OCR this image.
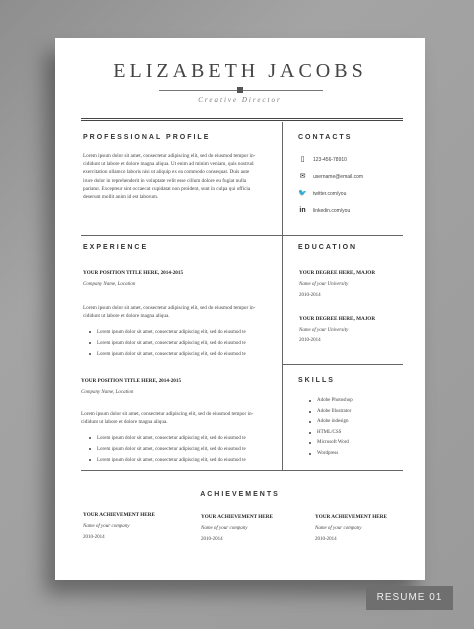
ELIZABETH JACOBS
Creative Director
PROFESSIONAL PROFILE
Lorem ipsum dolor sit amet, consectetur adipiscing elit, sed do eiusmod tempor in-
cididunt ut labore et dolore magna aliqua. Ut enim ad minim veniam, quis nostrud
exercitation ullamco laboris nisi ut aliquip ex ea commodo consequat. Duis aute
irure dolor in reprehenderit in voluptate velit esse cillum dolore eu fugiat nulla
pariatur. Excepteur sint occaecat cupidatat non proident, sunt in culpa qui officia
deserunt mollit anim id est laborum.
CONTACTS
▯	123-456-78910
✉	username@email.com
🐦 twitter.com/you
in linkedin.com/you
EXPERIENCE
YOUR POSITION TITLE HERE, 2014-2015
Company Name, Location
Lorem ipsum dolor sit amet, consectetur adipiscing elit, sed do eiusmod tempor in-
cididunt ut labore et dolore magna aliqua.
Lorem ipsum dolor sit amet, consectetur adipiscing elit, sed do eiusmod te
Lorem ipsum dolor sit amet, consectetur adipiscing elit, sed do eiusmod te
Lorem ipsum dolor sit amet, consectetur adipiscing elit, sed do eiusmod te
YOUR POSITION TITLE HERE, 2014-2015
Company Name, Location
Lorem ipsum dolor sit amet, consectetur adipiscing elit, sed do eiusmod tempor in-
cididunt ut labore et dolore magna aliqua.
Lorem ipsum dolor sit amet, consectetur adipiscing elit, sed do eiusmod te
Lorem ipsum dolor sit amet, consectetur adipiscing elit, sed do eiusmod te
Lorem ipsum dolor sit amet, consectetur adipiscing elit, sed do eiusmod te
EDUCATION
YOUR DEGREE HERE, MAJOR
Name of your University
2010-2014
YOUR DEGREE HERE, MAJOR
Name of your University
2010-2014
SKILLS
Adobe Photoshop
Adobe Illustrator
Adobe indesign
HTML/CSS
Microsoft Word
Wordpress
ACHIEVEMENTS
YOUR ACHIEVEMENT HERE
Name of your company
2010-2014
YOUR ACHIEVEMENT HERE
Name of your company
2010-2014
YOUR ACHIEVEMENT HERE
Name of your company
2010-2014
RESUME 01
